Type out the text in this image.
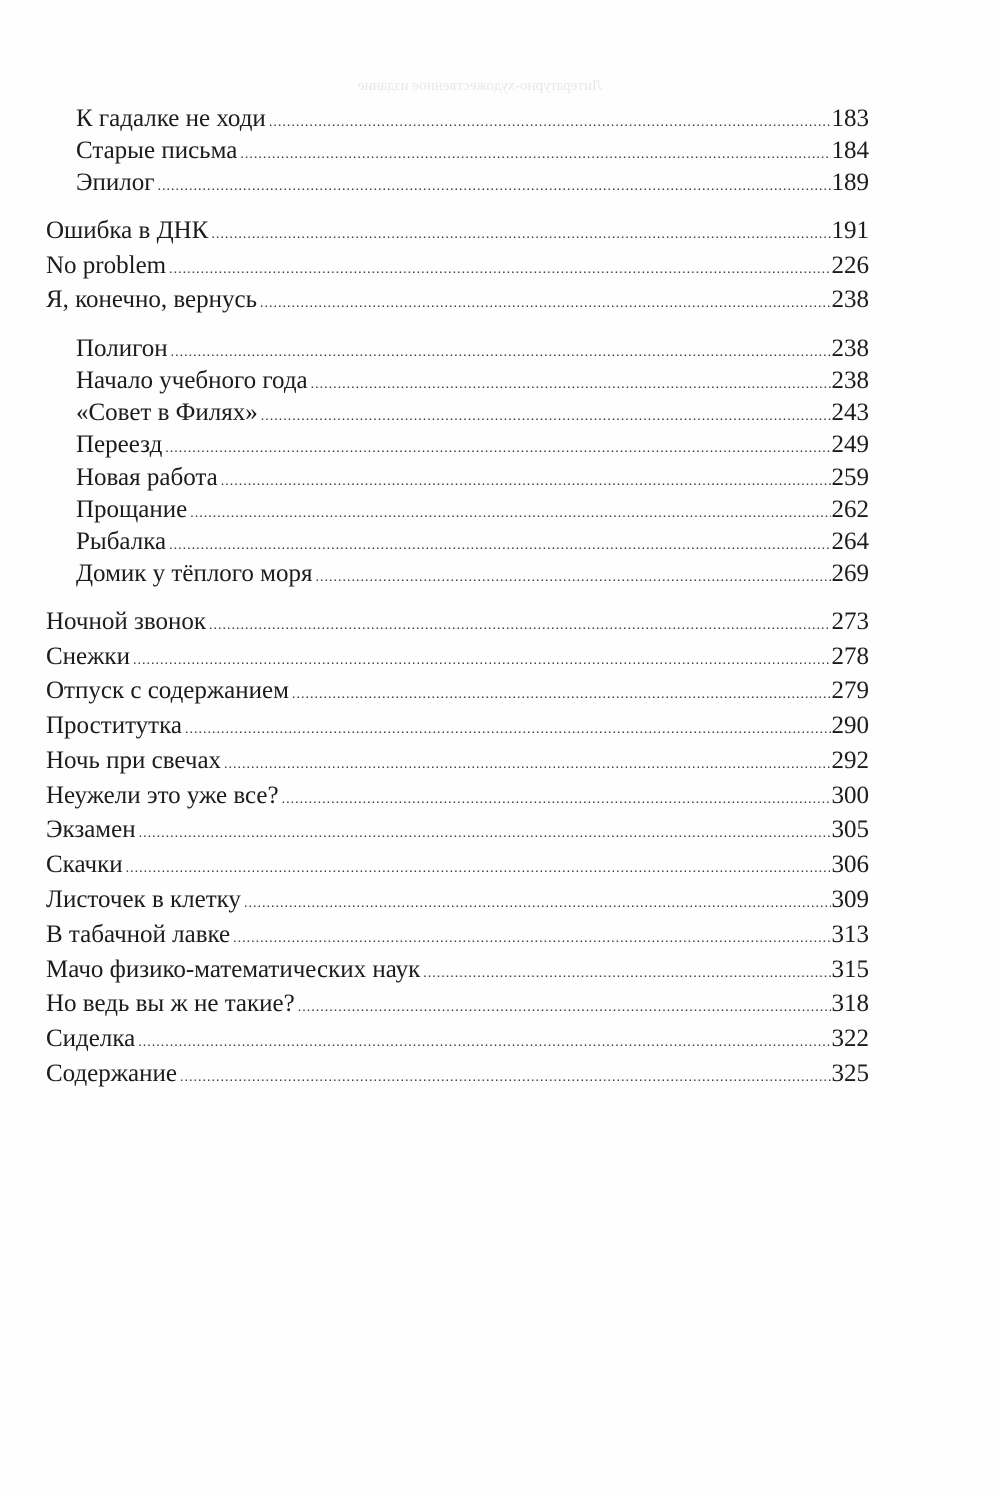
Литературно-художественное издание
К гадалке не ходи .....	183
Старые письма .....	184
Эпилог .....	189
Ошибка в ДНК .....	191
No problem .....	226
Я, конечно, вернусь .....	238
Полигон .....	238
Начало учебного года .....	238
«Совет в Филях» .....	243
Переезд .....	249
Новая работа .....	259
Прощание .....	262
Рыбалка .....	264
Домик у тёплого моря .....	269
Ночной звонок .....	273
Снежки .....	278
Отпуск с содержанием .....	279
Проститутка .....	290
Ночь при свечах .....	292
Неужели это уже все? .....	300
Экзамен .....	305
Скачки .....	306
Листочек в клетку .....	309
В табачной лавке .....	313
Мачо физико-математических наук .....	315
Но ведь вы ж не такие? .....	318
Сиделка .....	322
Содержание .....	325
